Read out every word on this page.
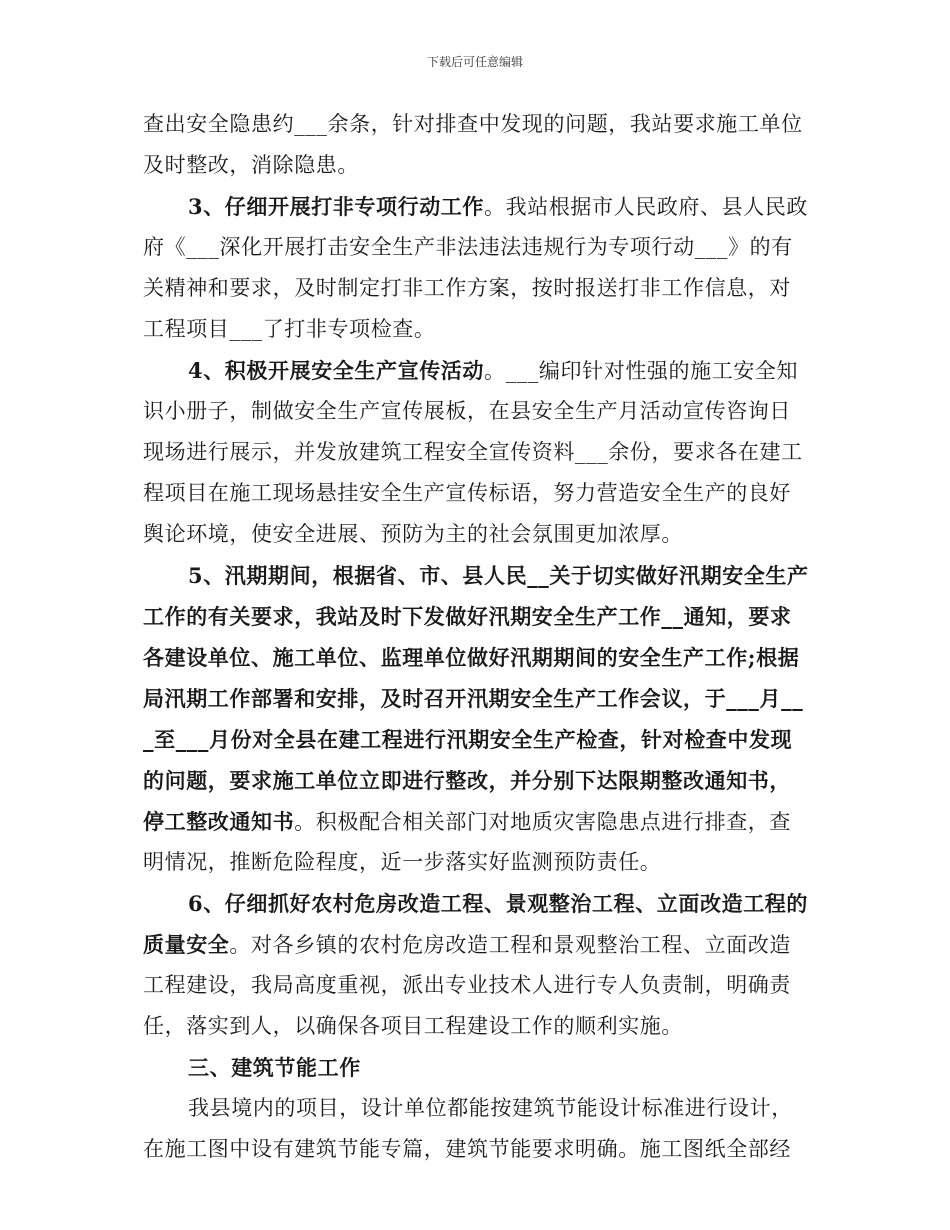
下载后可任意编辑
查出安全隐患约___余条，针对排查中发现的问题，我站要求施工单位
及时整改，消除隐患。
3、仔细开展打非专项行动工作。我站根据市人民政府、县人民政
府《___深化开展打击安全生产非法违法违规行为专项行动___》的有
关精神和要求，及时制定打非工作方案，按时报送打非工作信息，对
工程项目___了打非专项检查。
4、积极开展安全生产宣传活动。___编印针对性强的施工安全知
识小册子，制做安全生产宣传展板，在县安全生产月活动宣传咨询日
现场进行展示，并发放建筑工程安全宣传资料___余份，要求各在建工
程项目在施工现场悬挂安全生产宣传标语，努力营造安全生产的良好
舆论环境，使安全进展、预防为主的社会氛围更加浓厚。
5、汛期期间，根据省、市、县人民__关于切实做好汛期安全生产
工作的有关要求，我站及时下发做好汛期安全生产工作__通知，要求
各建设单位、施工单位、监理单位做好汛期期间的安全生产工作;根据
局汛期工作部署和安排，及时召开汛期安全生产工作会议，于___月__
_至___月份对全县在建工程进行汛期安全生产检查，针对检查中发现
的问题，要求施工单位立即进行整改，并分别下达限期整改通知书，
停工整改通知书。积极配合相关部门对地质灾害隐患点进行排查，查
明情况，推断危险程度，近一步落实好监测预防责任。
6、仔细抓好农村危房改造工程、景观整治工程、立面改造工程的
质量安全。对各乡镇的农村危房改造工程和景观整治工程、立面改造
工程建设，我局高度重视，派出专业技术人进行专人负责制，明确责
任，落实到人，以确保各项目工程建设工作的顺利实施。
三、建筑节能工作
我县境内的项目，设计单位都能按建筑节能设计标准进行设计，
在施工图中设有建筑节能专篇，建筑节能要求明确。施工图纸全部经
